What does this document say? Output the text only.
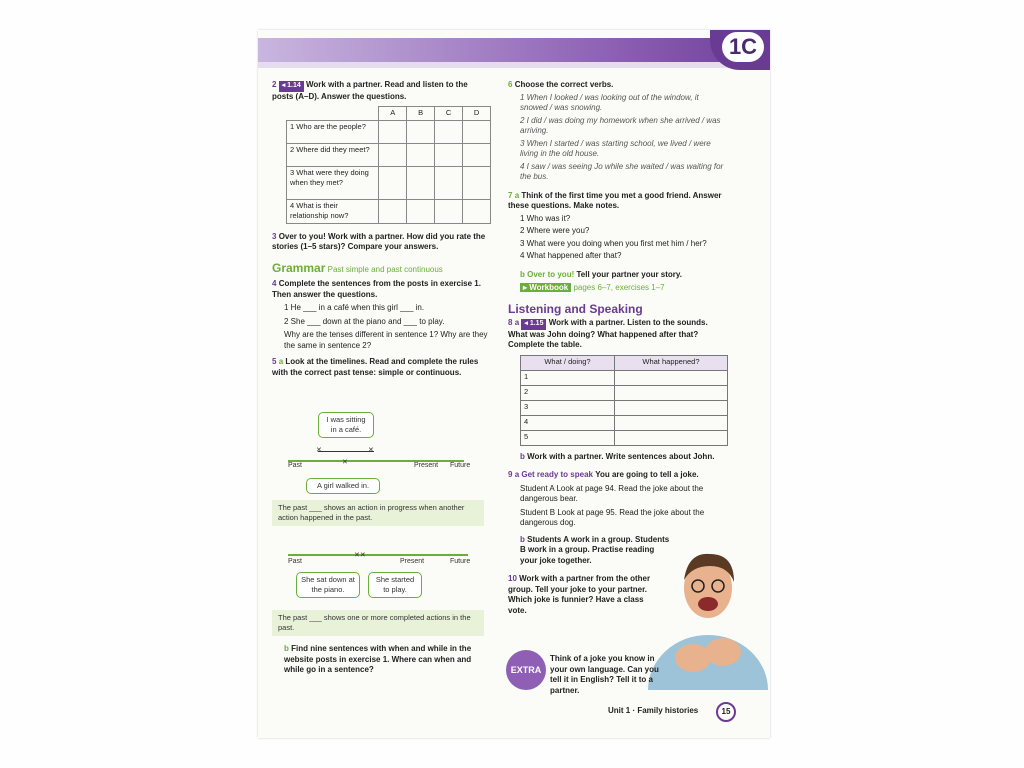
1C
2 ◂ 1.14 Work with a partner. Read and listen to the posts (A–D). Answer the questions.
	A	B	C	D
1 Who are the people?				
2 Where did they meet?				
3 What were they doing when they met?				
4 What is their relationship now?				
3 Over to you! Work with a partner. How did you rate the stories (1–5 stars)? Compare your answers.
Grammar Past simple and past continuous
4 Complete the sentences from the posts in exercise 1. Then answer the questions.
1 He ___ in a café when this girl ___ in.
2 She ___ down at the piano and ___ to play.
Why are the tenses different in sentence 1? Why are they the same in sentence 2?
5 a Look at the timelines. Read and complete the rules with the correct past tense: simple or continuous.
I was sitting in a café.
✕	✕
✕
Past	Present Future
A girl walked in.
The past ___ shows an action in progress when another action happened in the past.
✕✕
Past	Present	Future
She sat down at the piano.
She started to play.
The past ___ shows one or more completed actions in the past.
b Find nine sentences with when and while in the website posts in exercise 1. Where can when and while go in a sentence?
6 Choose the correct verbs.
1 When I looked / was looking out of the window, it snowed / was snowing.
2 I did / was doing my homework when she arrived / was arriving.
3 When I started / was starting school, we lived / were living in the old house.
4 I saw / was seeing Jo while she waited / was waiting for the bus.
7 a Think of the first time you met a good friend. Answer these questions. Make notes.
1 Who was it?
2 Where were you?
3 What were you doing when you first met him / her?
4 What happened after that?
b Over to you! Tell your partner your story.
▸ Workbook pages 6–7, exercises 1–7
Listening and Speaking
8 a ◂ 1.15 Work with a partner. Listen to the sounds. What was John doing? What happened after that? Complete the table.
What / doing?	What happened?
1	
2	
3	
4	
5	
b Work with a partner. Write sentences about John.
9 a Get ready to speak You are going to tell a joke.
Student A Look at page 94. Read the joke about the dangerous bear.
Student B Look at page 95. Read the joke about the dangerous dog.
b Students A work in a group. Students B work in a group. Practise reading your joke together.
10 Work with a partner from the other group. Tell your joke to your partner. Which joke is funnier? Have a class vote.
EXTRA
Think of a joke you know in your own language. Can you tell it in English? Tell it to a partner.
Unit 1 · Family histories	15
